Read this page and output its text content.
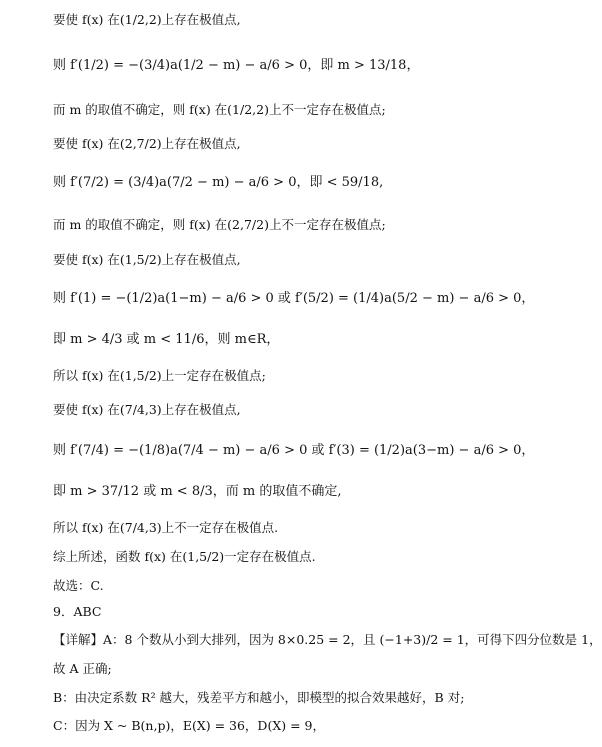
要使 f(x) 在(1/2,2)上存在极值点,
则 f′(1/2) = −(3/4)a(1/2 − m) − a/6 > 0，即 m > 13/18，
而 m 的取值不确定，则 f(x) 在(1/2,2)上不一定存在极值点;
要使 f(x) 在(2,7/2)上存在极值点,
则 f′(7/2) = (3/4)a(7/2 − m) − a/6 > 0，即 < 59/18,
而 m 的取值不确定，则 f(x) 在(2,7/2)上不一定存在极值点;
要使 f(x) 在(1,5/2)上存在极值点,
则 f′(1) = −(1/2)a(1−m) − a/6 > 0 或 f′(5/2) = (1/4)a(5/2 − m) − a/6 > 0，
即 m > 4/3 或 m < 11/6，则 m∈R，
所以 f(x) 在(1,5/2)上一定存在极值点;
要使 f(x) 在(7/4,3)上存在极值点,
则 f′(7/4) = −(1/8)a(7/4 − m) − a/6 > 0 或 f′(3) = (1/2)a(3−m) − a/6 > 0，
即 m > 37/12 或 m < 8/3，而 m 的取值不确定,
所以 f(x) 在(7/4,3)上不一定存在极值点.
综上所述，函数 f(x) 在(1,5/2)一定存在极值点.
故选：C.
9．ABC
【详解】A：8 个数从小到大排列，因为 8×0.25 = 2，且 (−1+3)/2 = 1，可得下四分位数是 1，
故 A 正确;
B：由决定系数 R² 越大，残差平方和越小，即模型的拟合效果越好，B 对;
C：因为 X ~ B(n,p)，E(X) = 36，D(X) = 9，
